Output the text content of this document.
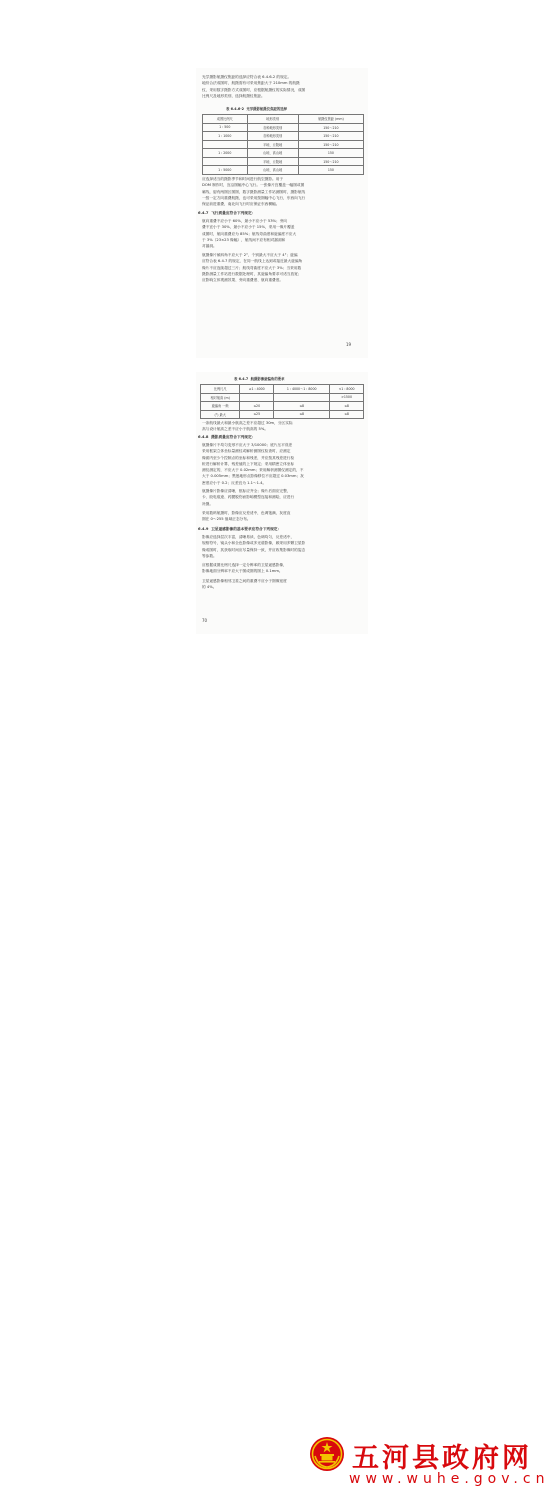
光学摄影航摄仪焦距的选择应符合表 6.4.6-2 的规定。
地综合法成图时，航摄需有可采用焦距大于 210mm 的航摄
仪，采用数字摄影方式成图时，应根据航摄仪的实际情况，成图
比例尺及地形类别，选择航摄仪焦距。
表 6.4.6-2  光学摄影航摄仪焦距的选择
成图比例尺	地形类别	航摄仪焦距 (mm)
1 : 500	各种地形类别	150～210
1 : 1000	各种地形类别	150～210
	平地、丘陵地	150～210
1 : 2000	山地、高山地	150
	平地、丘陵地	150～210
1 : 5000	山地、高山地	150
应选择适当的摄影季节和时间进行航空摄影。用于
DOM 制作时，宜沿图幅中心飞行。一张像片宜覆盖一幅图或图
廓线，厨有两图区图图，数字摄影测量工作站测图时，摄影航线
一按一定方向重叠航摄，也可采用按图幅中心飞行，东西向飞行
保证前进重叠，南北向飞行时应保证东西横幅。
6.4.7  飞行质量应符合下列规定：
航向重叠不应小于 60%，最小不应小于 53%；旁向
叠不宜小于 30%，最小不应小于 15%，采用一像片覆盖
成图时，航向重叠应为 85%；航线弯曲度和旋偏度不应大
于 3%（23×23 像幅），航线间不应有相对漏洞和
对漏洞。
航摄像片倾斜角不应大于 2°，个别最大不应大于 4°；旋偏
应符合表 6.4.7 的规定，在同一航线上达到或接近最大旋偏角
像片不应连续超过三片；航线弯曲度不应大于 3%；当采用数
摄影测量工作站进行数据处理时，其旋偏角要求可适当放宽；
应影响立体观测效果、旁向重叠度、航向重叠度。
19
表 6.4.7  航摄影像旋偏角的要求
比例尺尺	≥1 : 4000	1 : 4000～1 : 8000	<1 : 8000
相对航高 (m)			>1500
旋偏角 一般	≤20	≤8	≤8
(°) 最大	≤25	≤8	≤8
一条航线最大和最小航高之差不应超过 30m，分区实际
高与设计航高之差不应小于航高的 5%。
6.4.8  摄影质量应符合下列规定：
航摄像片不均匀变形不应大于 3/10000；底片压平误差
采用框架立体坐标量测仪或解析测图仪检查时，应测定
像面内至少个控制点的坐标和残差，并应按其残差进行检
析进行解析计算，残差值的上下规定；采用精密立体坐标
测仪测定的，不应大于 0.02mm；采用解析测图仪测定的，不
大于 0.005mm；黑莲地形点影像移位不应超过 0.03mm；灰
密度应小于 0.2；反差宜为 1.1～1.4。
航摄像片影像应清晰，框标应齐全；像片后面应完整，
卡、胶电痕迹、药膜脱伤而影响模型连接和测绘，应进行
补摄。
采用数码航摄时，影像应反差适中，色调饱满，灰度直
图在 0～255 值域正态分布。
6.4.9  卫星遥感影像的基本要求应符合下列规定：
影像应选择层次丰富，清晰易读，色调均匀，反差适中，
规格符号，镜头小和全色影像或多光谱影像，顾采用多颗卫星影
像成图时，其获取时间应尽量保持一致，并应收集影像时的姿态
等参数。
应根据成图比例尺选择一定分辨率的卫星遥感影像，
影像地面分辨率不应大于图成图的图上 0.1mm。
卫星遥感影像相邻卫星之间的重叠不应小于图像宽度
的 4%。
70
五河县政府网
www.wuhe.gov.cn
